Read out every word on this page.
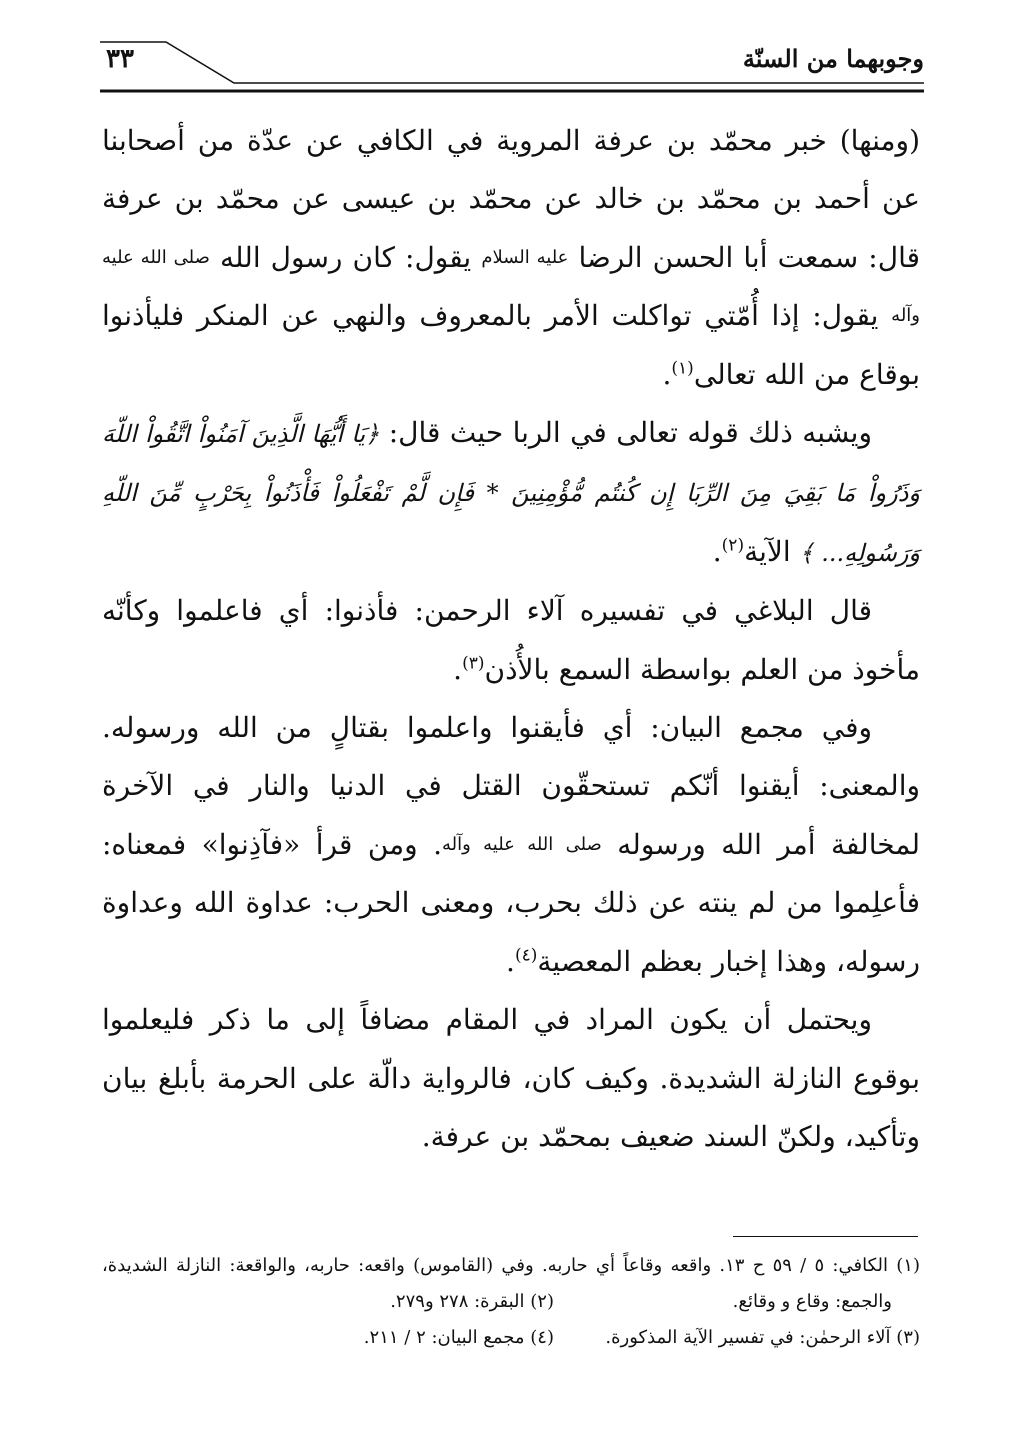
وجوبهما من السنّة
٣٣

(ومنها) خبر محمّد بن عرفة المروية في الكافي عن عدّة من أصحابنا عن أحمد بن محمّد بن خالد عن محمّد بن عيسى عن محمّد بن عرفة قال: سمعت أبا الحسن الرضا عليه السلام يقول: كان رسول الله صلى الله عليه وآله يقول: إذا أُمّتي تواكلت الأمر بالمعروف والنهي عن المنكر فليأذنوا بوقاع من الله تعالى$^{(١)}$.

ويشبه ذلك قوله تعالى في الربا حيث قال: ﴿يَا أَيُّهَا الَّذِينَ آمَنُواْ اتَّقُواْ اللّهَ وَذَرُواْ مَا بَقِيَ مِنَ الرِّبَا إِن كُنتُم مُّؤْمِنِينَ * فَإِن لَّمْ تَفْعَلُواْ فَأْذَنُواْ بِحَرْبٍ مِّنَ اللّهِ وَرَسُولِهِ... ﴾ الآية$^{(٢)}$.

قال البلاغي في تفسيره آلاء الرحمن: فأذنوا: أي فاعلموا وكأنّه مأخوذ من العلم بواسطة السمع بالأُذن$^{(٣)}$.

وفي مجمع البيان: أي فأيقنوا واعلموا بقتالٍ من الله ورسوله. والمعنى: أيقنوا أنّكم تستحقّون القتل في الدنيا والنار في الآخرة لمخالفة أمر الله ورسوله صلى الله عليه وآله. ومن قرأ «فآذِنوا» فمعناه: فأعلِموا من لم ينته عن ذلك بحرب، ومعنى الحرب: عداوة الله وعداوة رسوله، وهذا إخبار بعظم المعصية$^{(٤)}$.

ويحتمل أن يكون المراد في المقام مضافاً إلى ما ذكر فليعلموا بوقوع النازلة الشديدة. وكيف كان، فالرواية دالّة على الحرمة بأبلغ بيان وتأكيد، ولكنّ السند ضعيف بمحمّد بن عرفة.

(١) الكافي: ٥ / ٥٩ ح ١٣. واقعه وقاعاً أي حاربه. وفي (القاموس) واقعه: حاربه، والواقعة: النازلة الشديدة،
والجمع: وقاع و وقائع.
(٢) البقرة: ٢٧٨ و٢٧٩.
(٣) آلاء الرحمٰن: في تفسير الآية المذكورة.
(٤) مجمع البيان: ٢ / ٢١١.
